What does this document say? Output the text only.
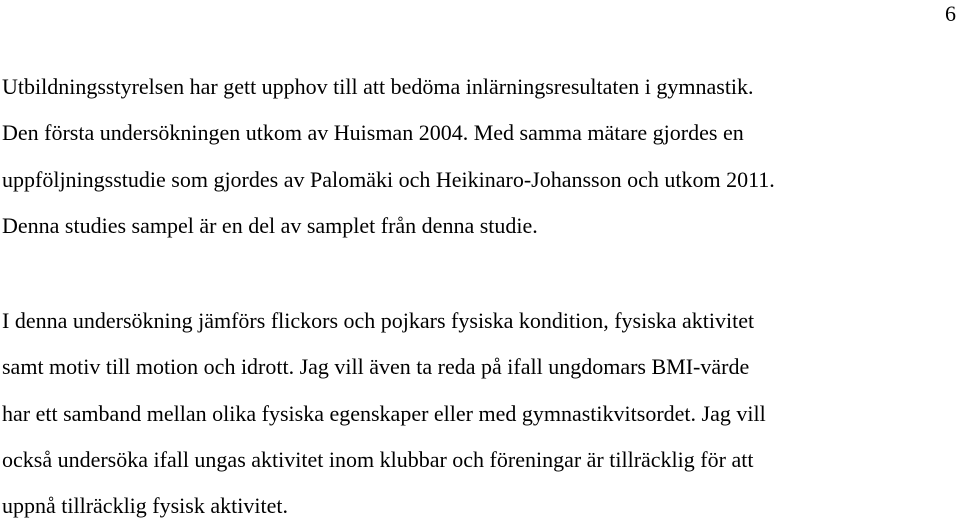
6
Utbildningsstyrelsen har gett upphov till att bedöma inlärningsresultaten i gymnastik.
Den första undersökningen utkom av Huisman 2004. Med samma mätare gjordes en
uppföljningsstudie som gjordes av Palomäki och Heikinaro-Johansson och utkom 2011.
Denna studies sampel är en del av samplet från denna studie.
I denna undersökning jämförs flickors och pojkars fysiska kondition, fysiska aktivitet
samt motiv till motion och idrott. Jag vill även ta reda på ifall ungdomars BMI-värde
har ett samband mellan olika fysiska egenskaper eller med gymnastikvitsordet. Jag vill
också undersöka ifall ungas aktivitet inom klubbar och föreningar är tillräcklig för att
uppnå tillräcklig fysisk aktivitet.
